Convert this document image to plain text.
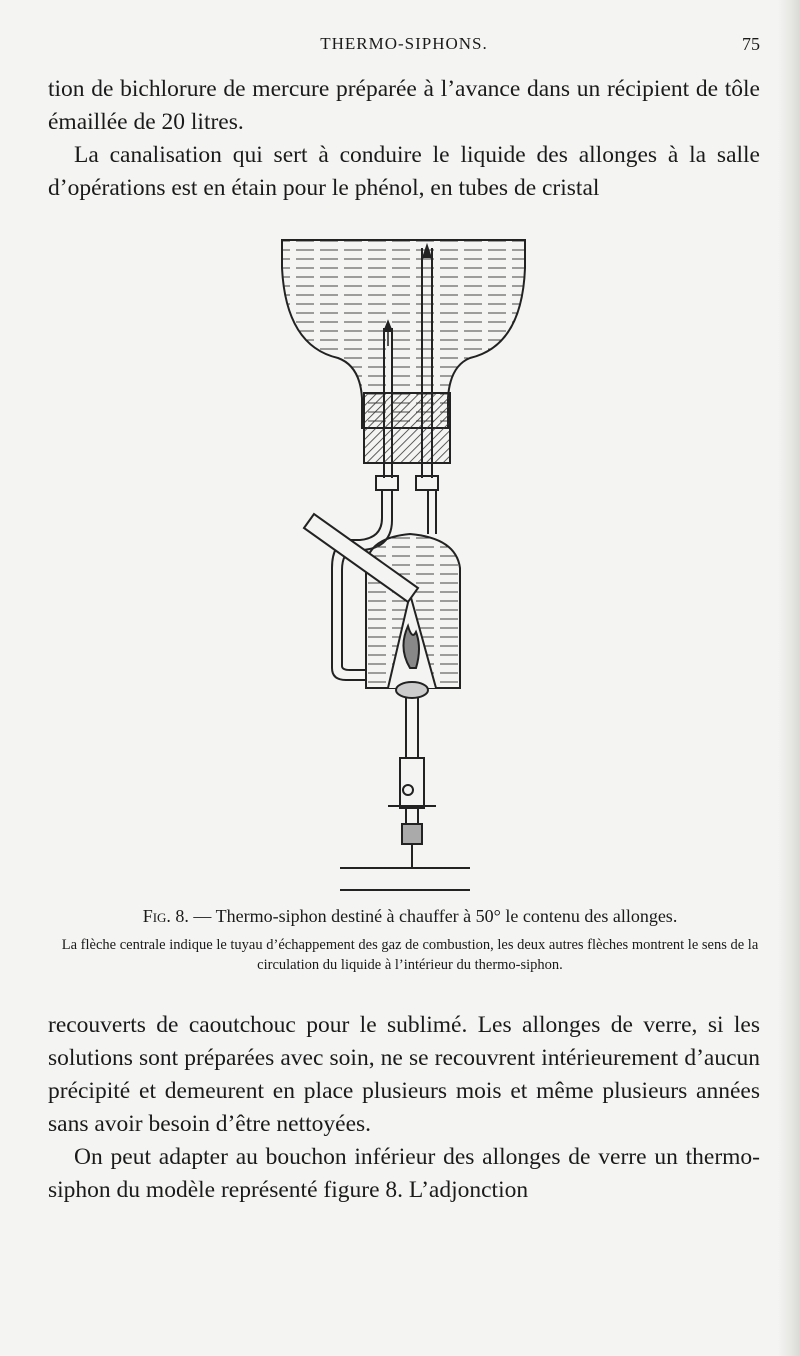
THERMO-SIPHONS.	75

tion de bichlorure de mercure préparée à l’avance dans un récipient de tôle émaillée de 20 litres.

La canalisation qui sert à conduire le liquide des allonges à la salle d’opérations est en étain pour le phénol, en tubes de cristal

Fig. 8. — Thermo-siphon destiné à chauffer à 50° le contenu des allonges.

La flèche centrale indique le tuyau d’échappement des gaz de combustion, les deux autres flèches montrent le sens de la circulation du liquide à l’intérieur du thermo-siphon.

recouverts de caoutchouc pour le sublimé. Les allonges de verre, si les solutions sont préparées avec soin, ne se recouvrent intérieurement d’aucun précipité et demeurent en place plusieurs mois et même plusieurs années sans avoir besoin d’être nettoyées.

On peut adapter au bouchon inférieur des allonges de verre un thermo-siphon du modèle représenté figure 8. L’adjonction
